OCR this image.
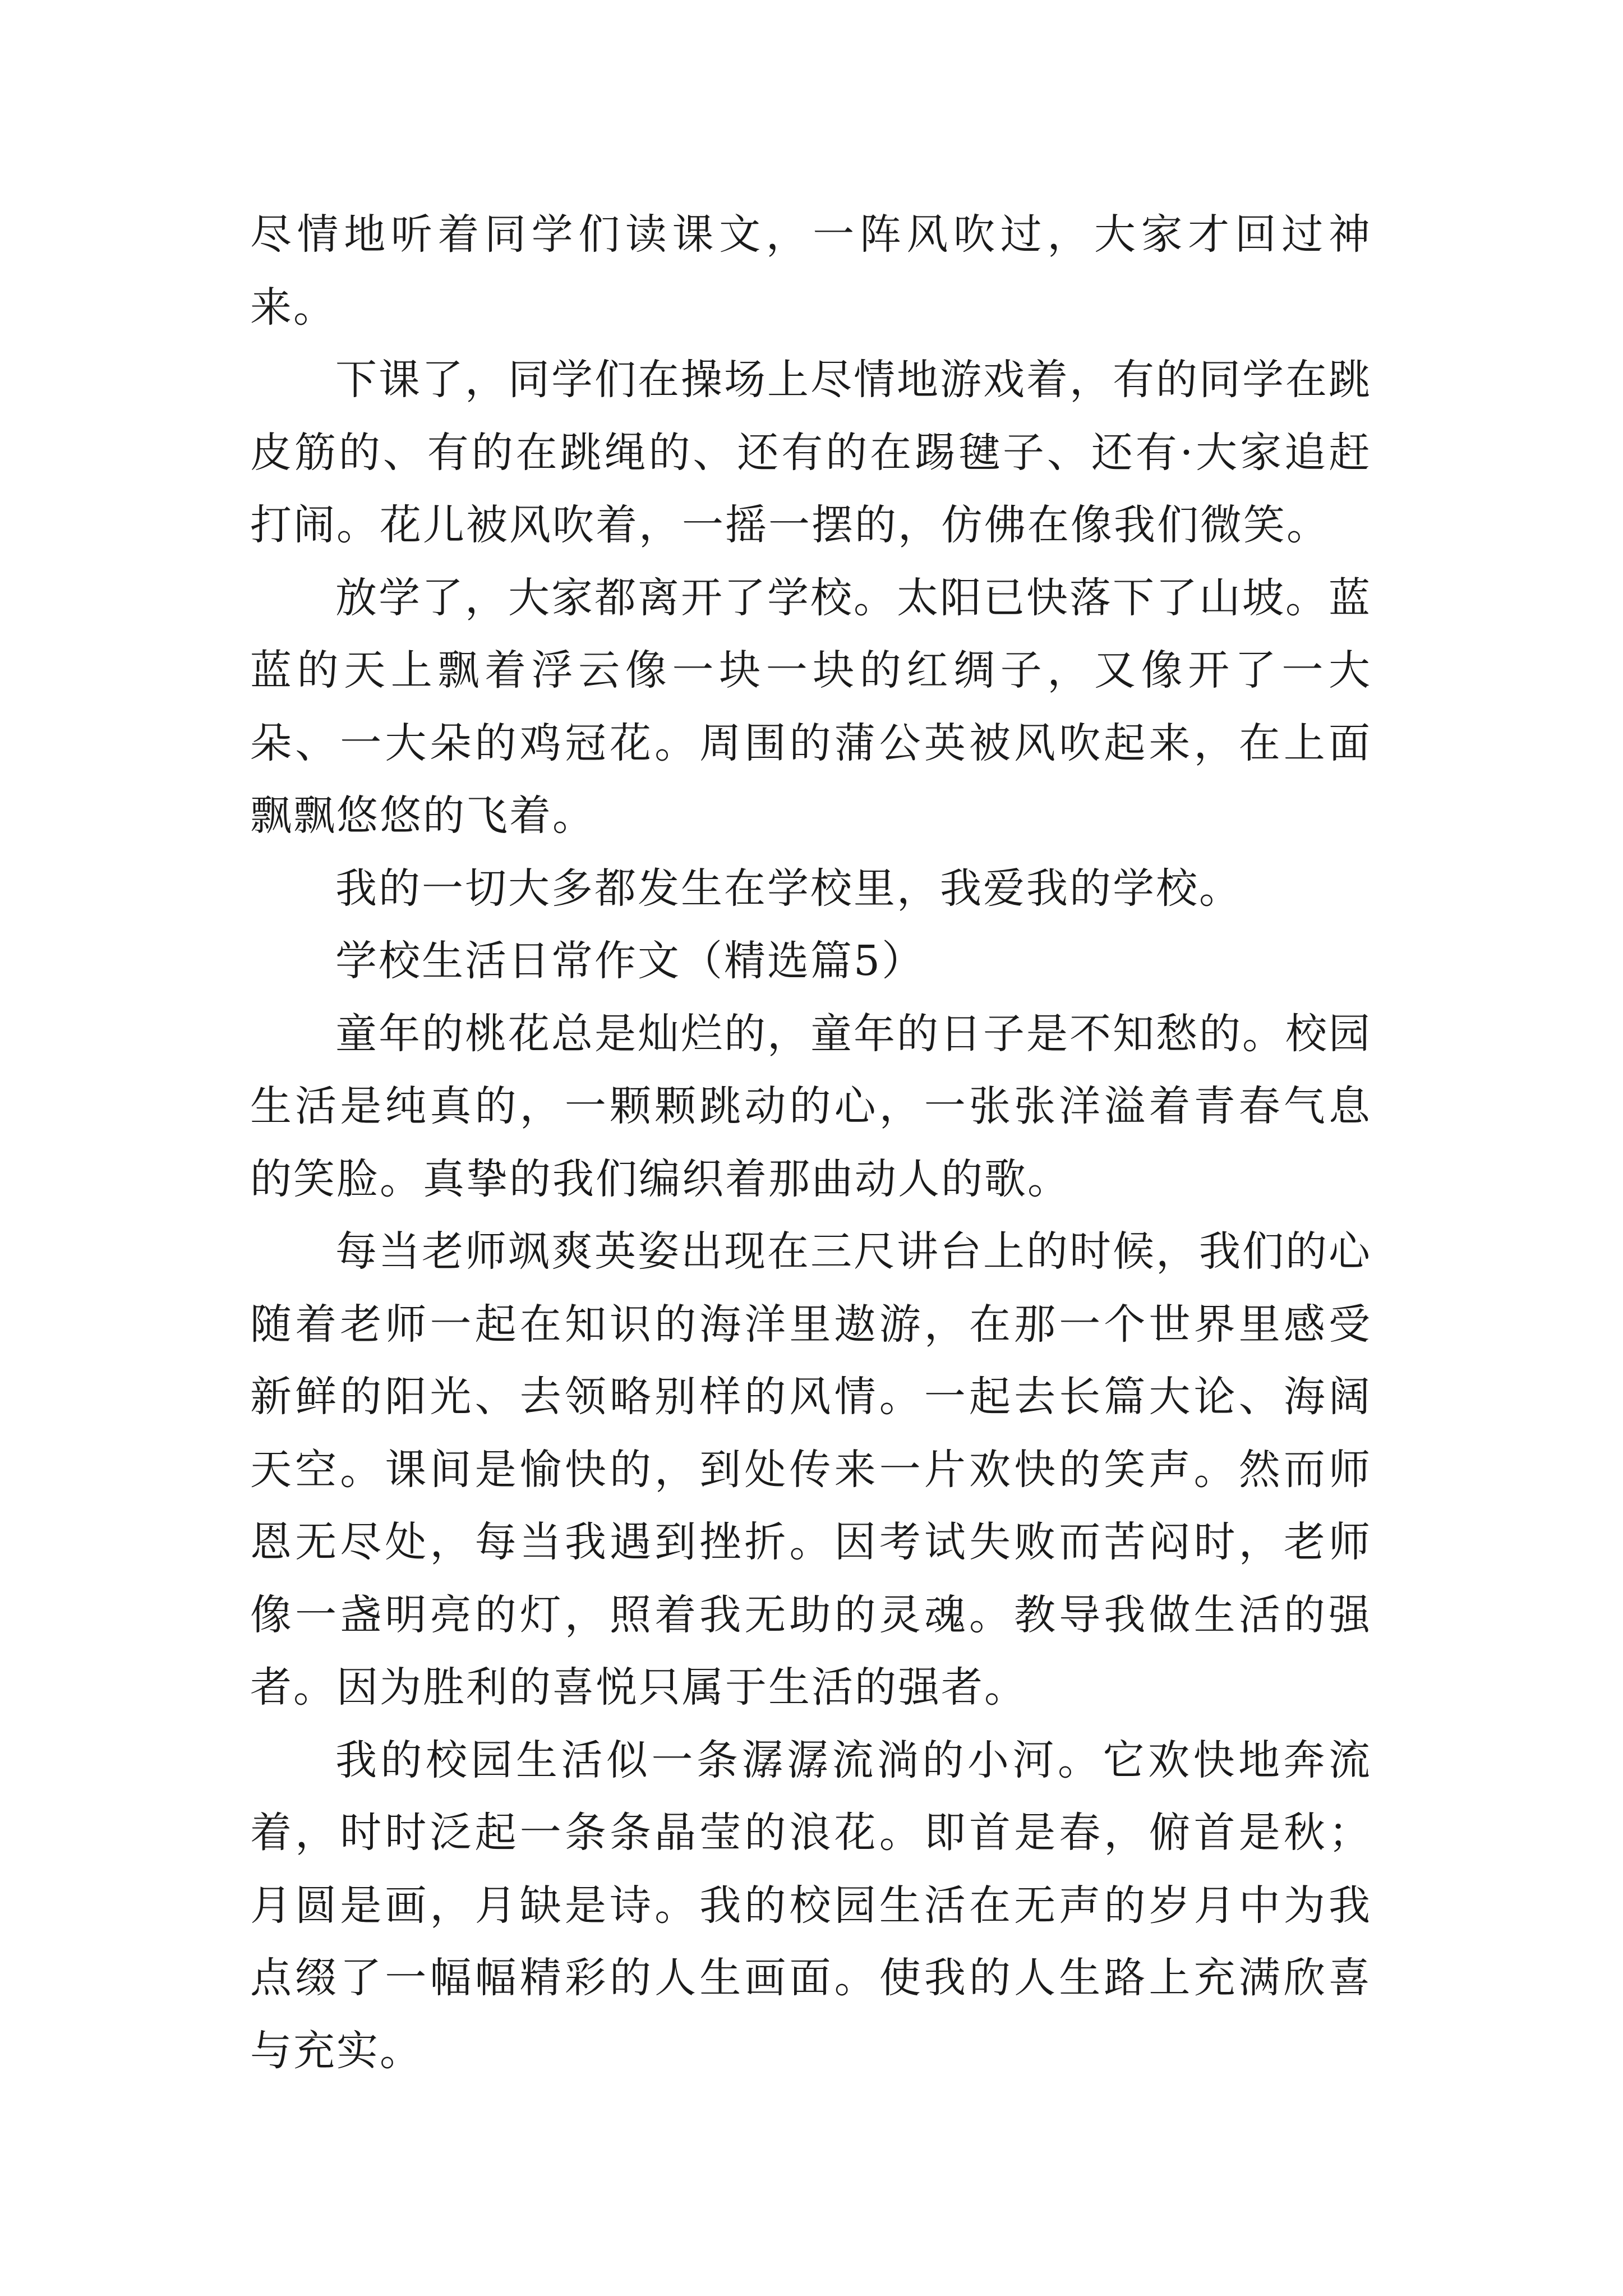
尽情地听着同学们读课文，一阵风吹过，大家才回过神来。

下课了，同学们在操场上尽情地游戏着，有的同学在跳皮筋的、有的在跳绳的、还有的在踢毽子、还有·大家追赶打闹。花儿被风吹着，一摇一摆的，仿佛在像我们微笑。

放学了，大家都离开了学校。太阳已快落下了山坡。蓝蓝的天上飘着浮云像一块一块的红绸子，又像开了一大朵、一大朵的鸡冠花。周围的蒲公英被风吹起来，在上面飘飘悠悠的飞着。

我的一切大多都发生在学校里，我爱我的学校。

学校生活日常作文（精选篇5）

童年的桃花总是灿烂的，童年的日子是不知愁的。校园生活是纯真的，一颗颗跳动的心，一张张洋溢着青春气息的笑脸。真挚的我们编织着那曲动人的歌。

每当老师飒爽英姿出现在三尺讲台上的时候，我们的心随着老师一起在知识的海洋里遨游，在那一个世界里感受新鲜的阳光、去领略别样的风情。一起去长篇大论、海阔天空。课间是愉快的，到处传来一片欢快的笑声。然而师恩无尽处，每当我遇到挫折。因考试失败而苦闷时，老师像一盏明亮的灯，照着我无助的灵魂。教导我做生活的强者。因为胜利的喜悦只属于生活的强者。

我的校园生活似一条潺潺流淌的小河。它欢快地奔流着，时时泛起一条条晶莹的浪花。即首是春，俯首是秋；月圆是画，月缺是诗。我的校园生活在无声的岁月中为我点缀了一幅幅精彩的人生画面。使我的人生路上充满欣喜与充实。
